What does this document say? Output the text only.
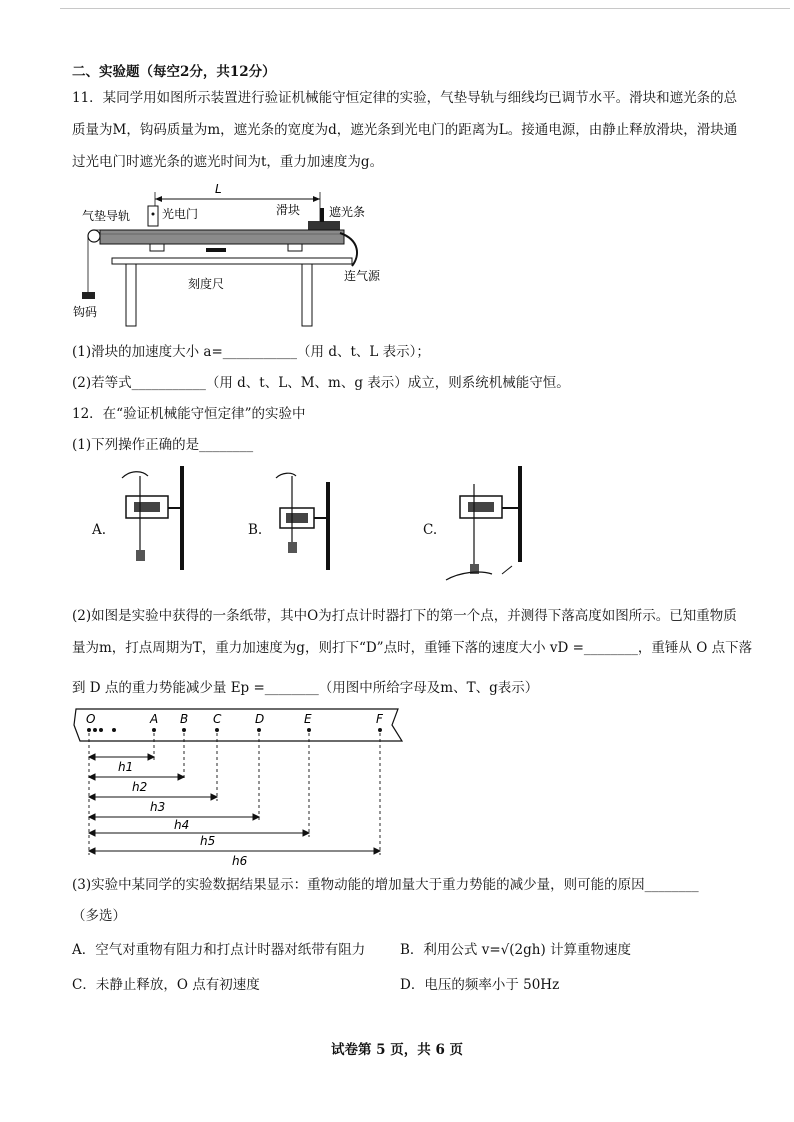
二、实验题（每空2分，共12分）
11．某同学用如图所示装置进行验证机械能守恒定律的实验，气垫导轨与细线均已调节水平。滑块和遮光条的总
质量为M，钩码质量为m，遮光条的宽度为d，遮光条到光电门的距离为L。接通电源，由静止释放滑块，滑块通
过光电门时遮光条的遮光时间为t，重力加速度为g。
L
光电门
气垫导轨	滑块 遮光条
钩码
连气源
刻度尺
(1)滑块的加速度大小 a=___________（用 d、t、L 表示）；
(2)若等式___________（用 d、t、L、M、m、g 表示）成立，则系统机械能守恒。
12．在“验证机械能守恒定律”的实验中
(1)下列操作正确的是________
A.	B.	C.
(2)如图是实验中获得的一条纸带，其中O为打点计时器打下的第一个点，并测得下落高度如图所示。已知重物质
量为m，打点周期为T，重力加速度为g，则打下“D”点时，重锤下落的速度大小 vD =________，重锤从 O 点下落
到 D 点的重力势能减少量 Ep =________（用图中所给字母及m、T、g表示）
O	A B C	D	E	F
h1
h2
h3
h4
h5
h6
(3)实验中某同学的实验数据结果显示：重物动能的增加量大于重力势能的减少量，则可能的原因________
（多选）
A．空气对重物有阻力和打点计时器对纸带有阻力	B．利用公式 v=√(2gh) 计算重物速度
C．未静止释放，O 点有初速度	D．电压的频率小于 50Hz
试卷第 5 页，共 6 页
